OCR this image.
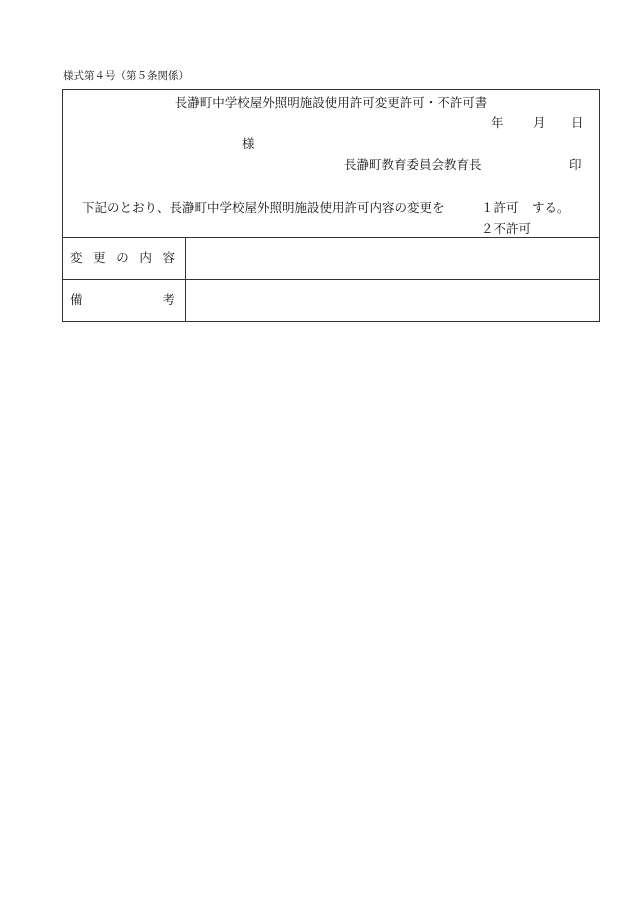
様式第４号（第５条関係）
長瀞町中学校屋外照明施設使用許可変更許可・不許可書
年 月 日
様
長瀞町教育委員会教育長	印
下記のとおり、長瀞町中学校屋外照明施設使用許可内容の変更を	１許可 する。
２不許可
変 更 の 内 容
備	考
